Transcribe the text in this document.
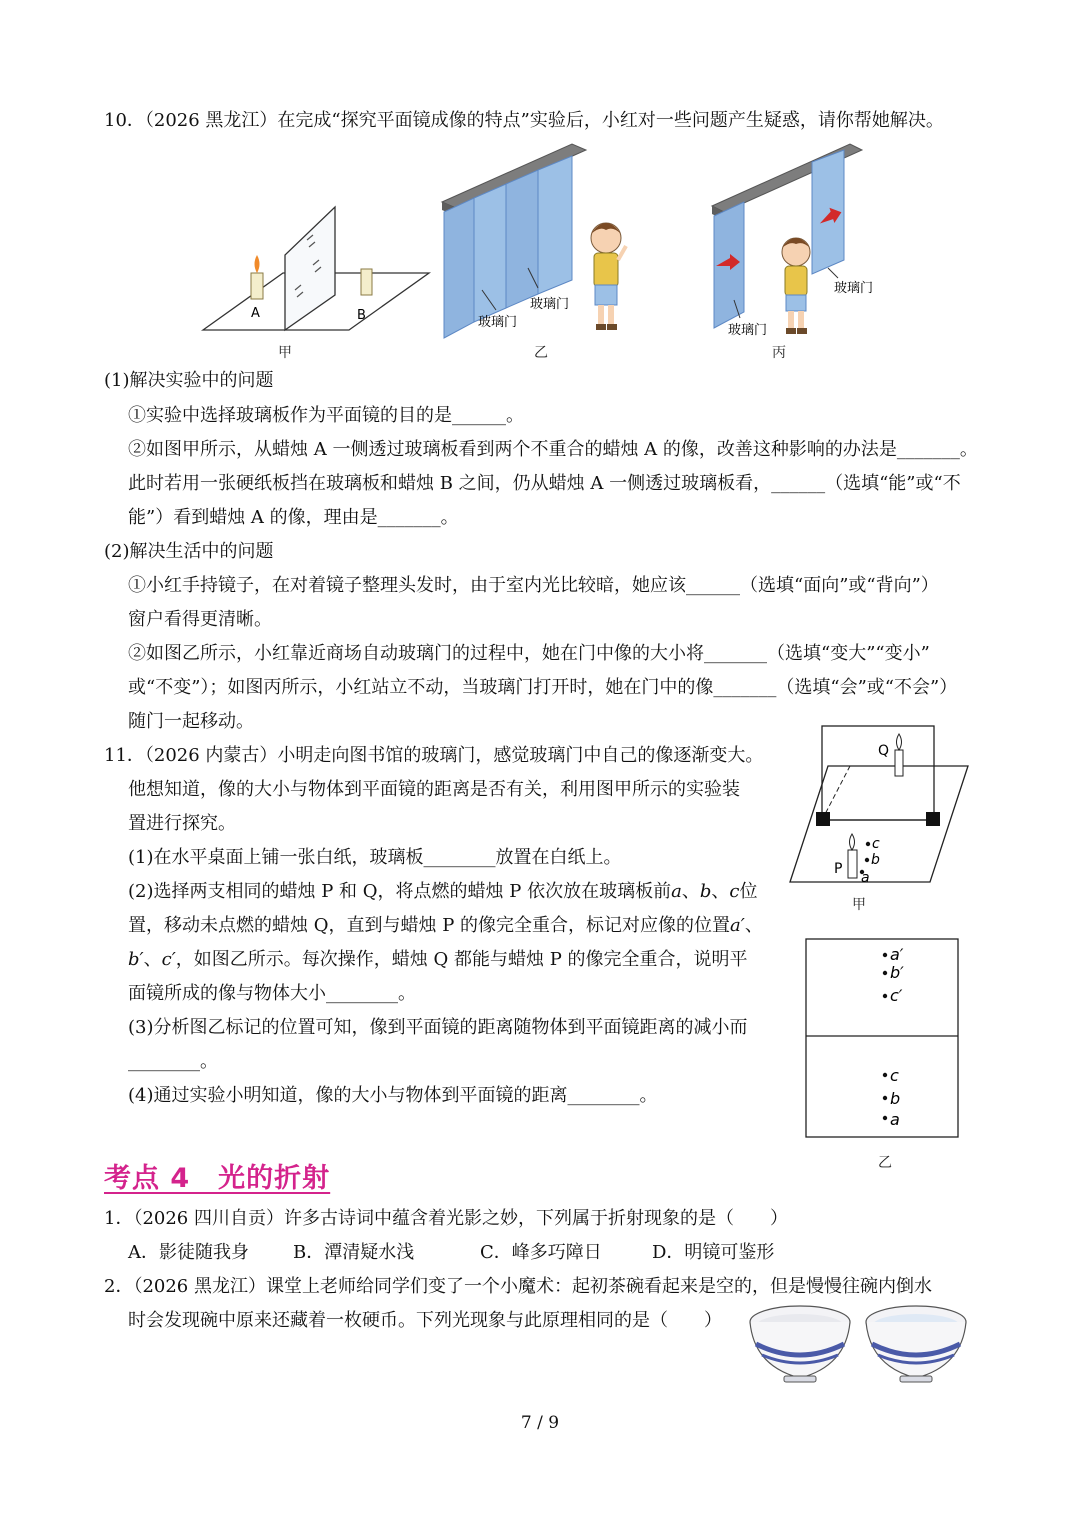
10．（2026 黑龙江）在完成“探究平面镜成像的特点”实验后，小红对一些问题产生疑惑，请你帮她解决。
A	B
甲
玻璃门
玻璃门
乙
玻璃门
玻璃门
丙
(1)解决实验中的问题
①实验中选择玻璃板作为平面镜的目的是______。
②如图甲所示，从蜡烛 A 一侧透过玻璃板看到两个不重合的蜡烛 A 的像，改善这种影响的办法是_______。
此时若用一张硬纸板挡在玻璃板和蜡烛 B 之间，仍从蜡烛 A 一侧透过玻璃板看，______（选填“能”或“不
能”）看到蜡烛 A 的像，理由是_______。
(2)解决生活中的问题
①小红手持镜子，在对着镜子整理头发时，由于室内光比较暗，她应该______（选填“面向”或“背向”）
窗户看得更清晰。
②如图乙所示，小红靠近商场自动玻璃门的过程中，她在门中像的大小将_______（选填“变大”“变小”
或“不变”）；如图丙所示，小红站立不动，当玻璃门打开时，她在门中的像_______（选填“会”或“不会”）
随门一起移动。
11．（2026 内蒙古）小明走向图书馆的玻璃门，感觉玻璃门中自己的像逐渐变大。
他想知道，像的大小与物体到平面镜的距离是否有关，利用图甲所示的实验装
置进行探究。
(1)在水平桌面上铺一张白纸，玻璃板________放置在白纸上。
(2)选择两支相同的蜡烛 P 和 Q，将点燃的蜡烛 P 依次放在玻璃板前a、b、c位
置，移动未点燃的蜡烛 Q，直到与蜡烛 P 的像完全重合，标记对应像的位置a′、
b′、c′，如图乙所示。每次操作，蜡烛 Q 都能与蜡烛 P 的像完全重合，说明平
面镜所成的像与物体大小________。
(3)分析图乙标记的位置可知，像到平面镜的距离随物体到平面镜距离的减小而
________。
(4)通过实验小明知道，像的大小与物体到平面镜的距离________。
Q
P
c
b
a
甲
a′
b′
c′
c
b
a
乙
考点 4　光的折射
1．（2026 四川自贡）许多古诗词中蕴含着光影之妙，下列属于折射现象的是（　　）
A．影徒随我身 B．潭清疑水浅	C．峰多巧障日	D．明镜可鉴形
2．（2026 黑龙江）课堂上老师给同学们变了一个小魔术：起初茶碗看起来是空的，但是慢慢往碗内倒水
时会发现碗中原来还藏着一枚硬币。下列光现象与此原理相同的是（　　）
7 / 9
